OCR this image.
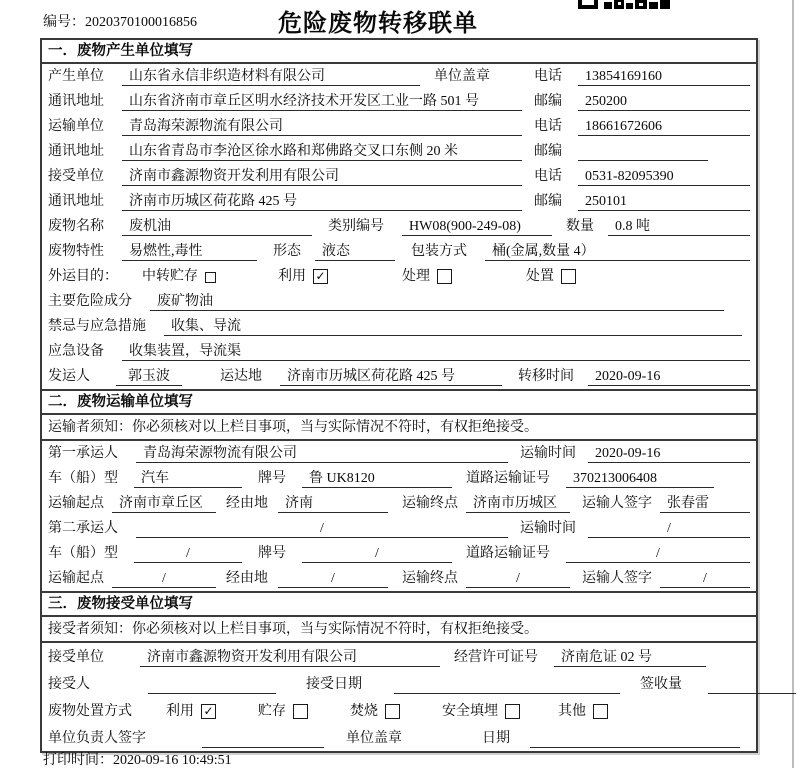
编号：2020370100016856	危险废物转移联单
一．废物产生单位填写
产生单位	山东省永信非织造材料有限公司	单位盖章	电话	13854169160
通讯地址	山东省济南市章丘区明水经济技术开发区工业一路 501 号	邮编	250200
运输单位	青岛海荣源物流有限公司	电话	18661672606
通讯地址	山东省青岛市李沧区徐水路和郑佛路交叉口东侧 20 米	邮编
接受单位	济南市鑫源物资开发利用有限公司	电话	0531-82095390
通讯地址	济南市历城区荷花路 425 号	邮编	250101
废物名称	废机油	类别编号	HW08(900-249-08)	数量	0.8 吨
废物特性	易燃性,毒性	形态	液态	包装方式	桶(金属,数量 4）
外运目的：	中转贮存	利用 ✓	处理	处置
主要危险成分	废矿物油
禁忌与应急措施	收集、导流
应急设备	收集装置，导流渠
发运人	郭玉波	运达地	济南市历城区荷花路 425 号	转移时间	2020-09-16
二．废物运输单位填写
运输者须知：你必须核对以上栏目事项，当与实际情况不符时，有权拒绝接受。
第一承运人	青岛海荣源物流有限公司	运输时间	2020-09-16
车（船）型	汽车	牌号	鲁 UK8120	道路运输证号	370213006408
运输起点	济南市章丘区	经由地	济南	运输终点	济南市历城区	运输人签字	张春雷
第二承运人	/	运输时间	/
车（船）型	/	牌号	/	道路运输证号	/
运输起点	/	经由地	/	运输终点	/	运输人签字	/
三．废物接受单位填写
接受者须知：你必须核对以上栏目事项，当与实际情况不符时，有权拒绝接受。
接受单位	济南市鑫源物资开发利用有限公司	经营许可证号	济南危证 02 号
接受人	接受日期	签收量
废物处置方式	利用 ✓	贮存	焚烧	安全填埋	其他
单位负责人签字	单位盖章	日期
打印时间：2020-09-16 10:49:51
